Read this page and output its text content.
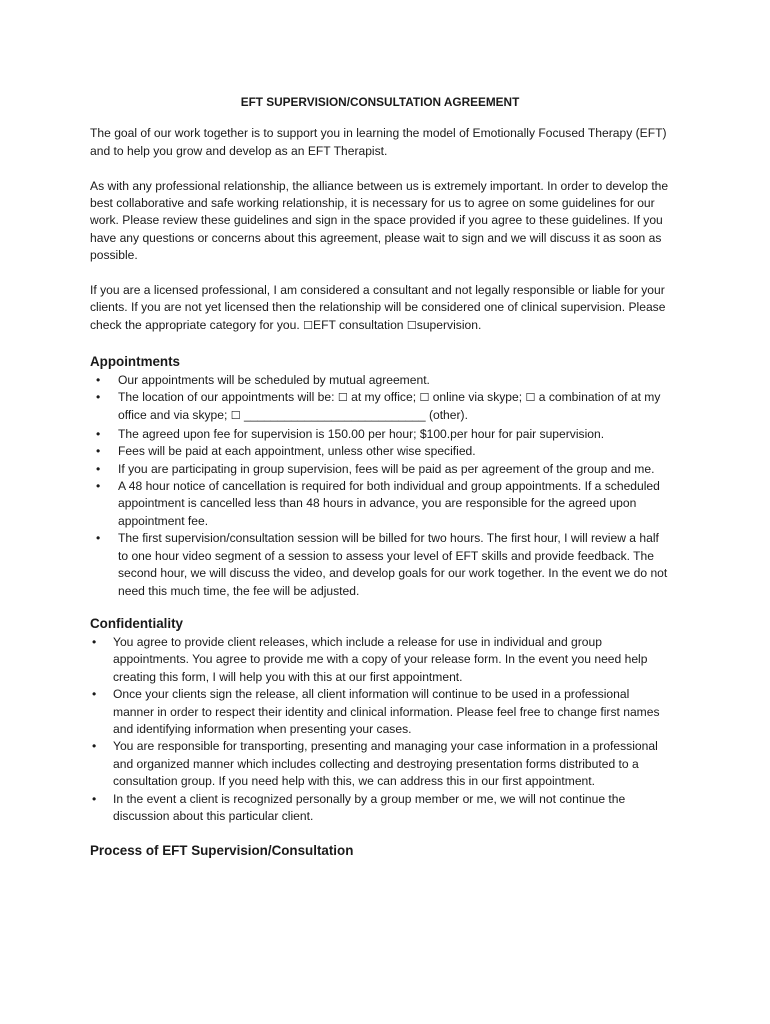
EFT SUPERVISION/CONSULTATION AGREEMENT

The goal of our work together is to support you in learning the model of Emotionally Focused Therapy (EFT) and to help you grow and develop as an EFT Therapist.

As with any professional relationship, the alliance between us is extremely important. In order to develop the best collaborative and safe working relationship, it is necessary for us to agree on some guidelines for our work. Please review these guidelines and sign in the space provided if you agree to these guidelines. If you have any questions or concerns about this agreement, please wait to sign and we will discuss it as soon as possible.

If you are a licensed professional, I am considered a consultant and not legally responsible or liable for your clients. If you are not yet licensed then the relationship will be considered one of clinical supervision. Please check the appropriate category for you. ☐ EFT consultation ☐ supervision.

Appointments
• Our appointments will be scheduled by mutual agreement.
• The location of our appointments will be: ☐ at my office; ☐ online via skype; ☐ a combination of at my office and via skype; ☐ ___________________________ (other).
• The agreed upon fee for supervision is 150.00 per hour; $100.per hour for pair supervision.
• Fees will be paid at each appointment, unless other wise specified.
• If you are participating in group supervision, fees will be paid as per agreement of the group and me.
• A 48 hour notice of cancellation is required for both individual and group appointments. If a scheduled appointment is cancelled less than 48 hours in advance, you are responsible for the agreed upon appointment fee.
• The first supervision/consultation session will be billed for two hours. The first hour, I will review a half to one hour video segment of a session to assess your level of EFT skills and provide feedback. The second hour, we will discuss the video, and develop goals for our work together. In the event we do not need this much time, the fee will be adjusted.
Confidentiality
• You agree to provide client releases, which include a release for use in individual and group appointments. You agree to provide me with a copy of your release form. In the event you need help creating this form, I will help you with this at our first appointment.
• Once your clients sign the release, all client information will continue to be used in a professional manner in order to respect their identity and clinical information. Please feel free to change first names and identifying information when presenting your cases.
• You are responsible for transporting, presenting and managing your case information in a professional and organized manner which includes collecting and destroying presentation forms distributed to a consultation group. If you need help with this, we can address this in our first appointment.
• In the event a client is recognized personally by a group member or me, we will not continue the discussion about this particular client.
Process of EFT Supervision/Consultation
